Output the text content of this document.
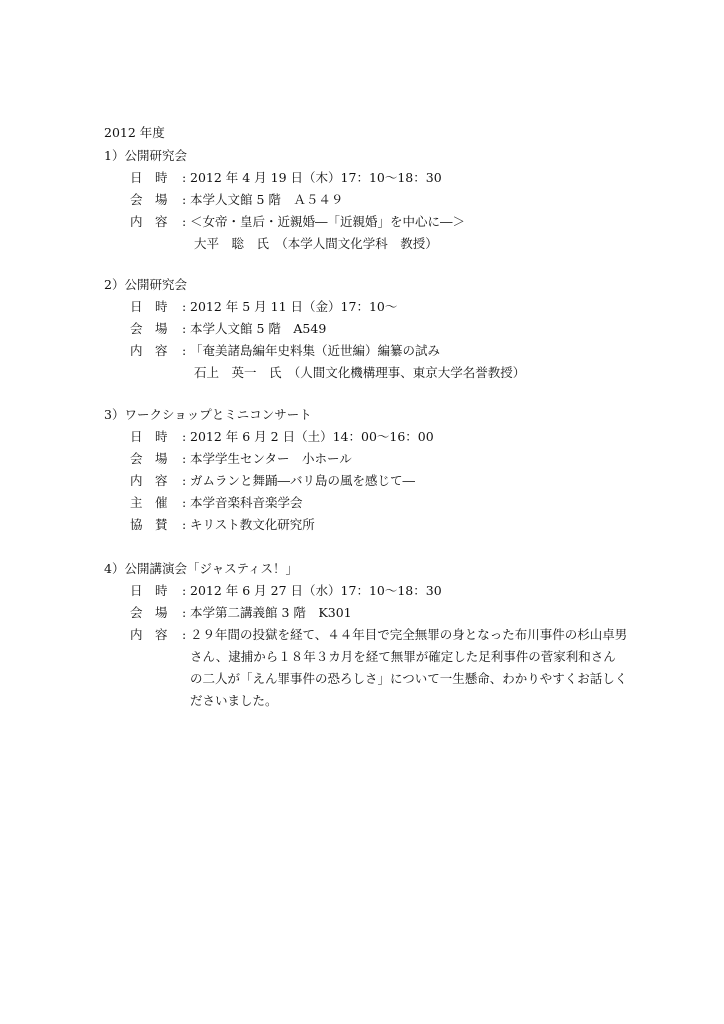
2012 年度
1）公開研究会
日　時	: 2012 年 4 月 19 日（木）17：10〜18：30
会　場	: 本学人文館 5 階　Ａ５４９
内　容	: ＜女帝・皇后・近親婚―「近親婚」を中心に―＞
大平　聡　氏　（本学人間文化学科　教授）
2）公開研究会
日　時	: 2012 年 5 月 11 日（金）17：10〜
会　場	: 本学人文館 5 階　A549
内　容	: 「奄美諸島編年史料集（近世編）編纂の試み
石上　英一　氏　（人間文化機構理事、東京大学名誉教授）
3）ワークショップとミニコンサート
日　時	: 2012 年 6 月 2 日（土）14：00〜16：00
会　場	: 本学学生センター　小ホール
内　容	: ガムランと舞踊―バリ島の風を感じて―
主　催	: 本学音楽科音楽学会
協　賛	: キリスト教文化研究所
4）公開講演会「ジャスティス！」
日　時	: 2012 年 6 月 27 日（水）17：10〜18：30
会　場	: 本学第二講義館 3 階　K301
内　容	: ２９年間の投獄を経て、４４年目で完全無罪の身となった布川事件の杉山卓男
さん、逮捕から１８年３カ月を経て無罪が確定した足利事件の菅家利和さん
の二人が「えん罪事件の恐ろしさ」について一生懸命、わかりやすくお話しく
ださいました。
